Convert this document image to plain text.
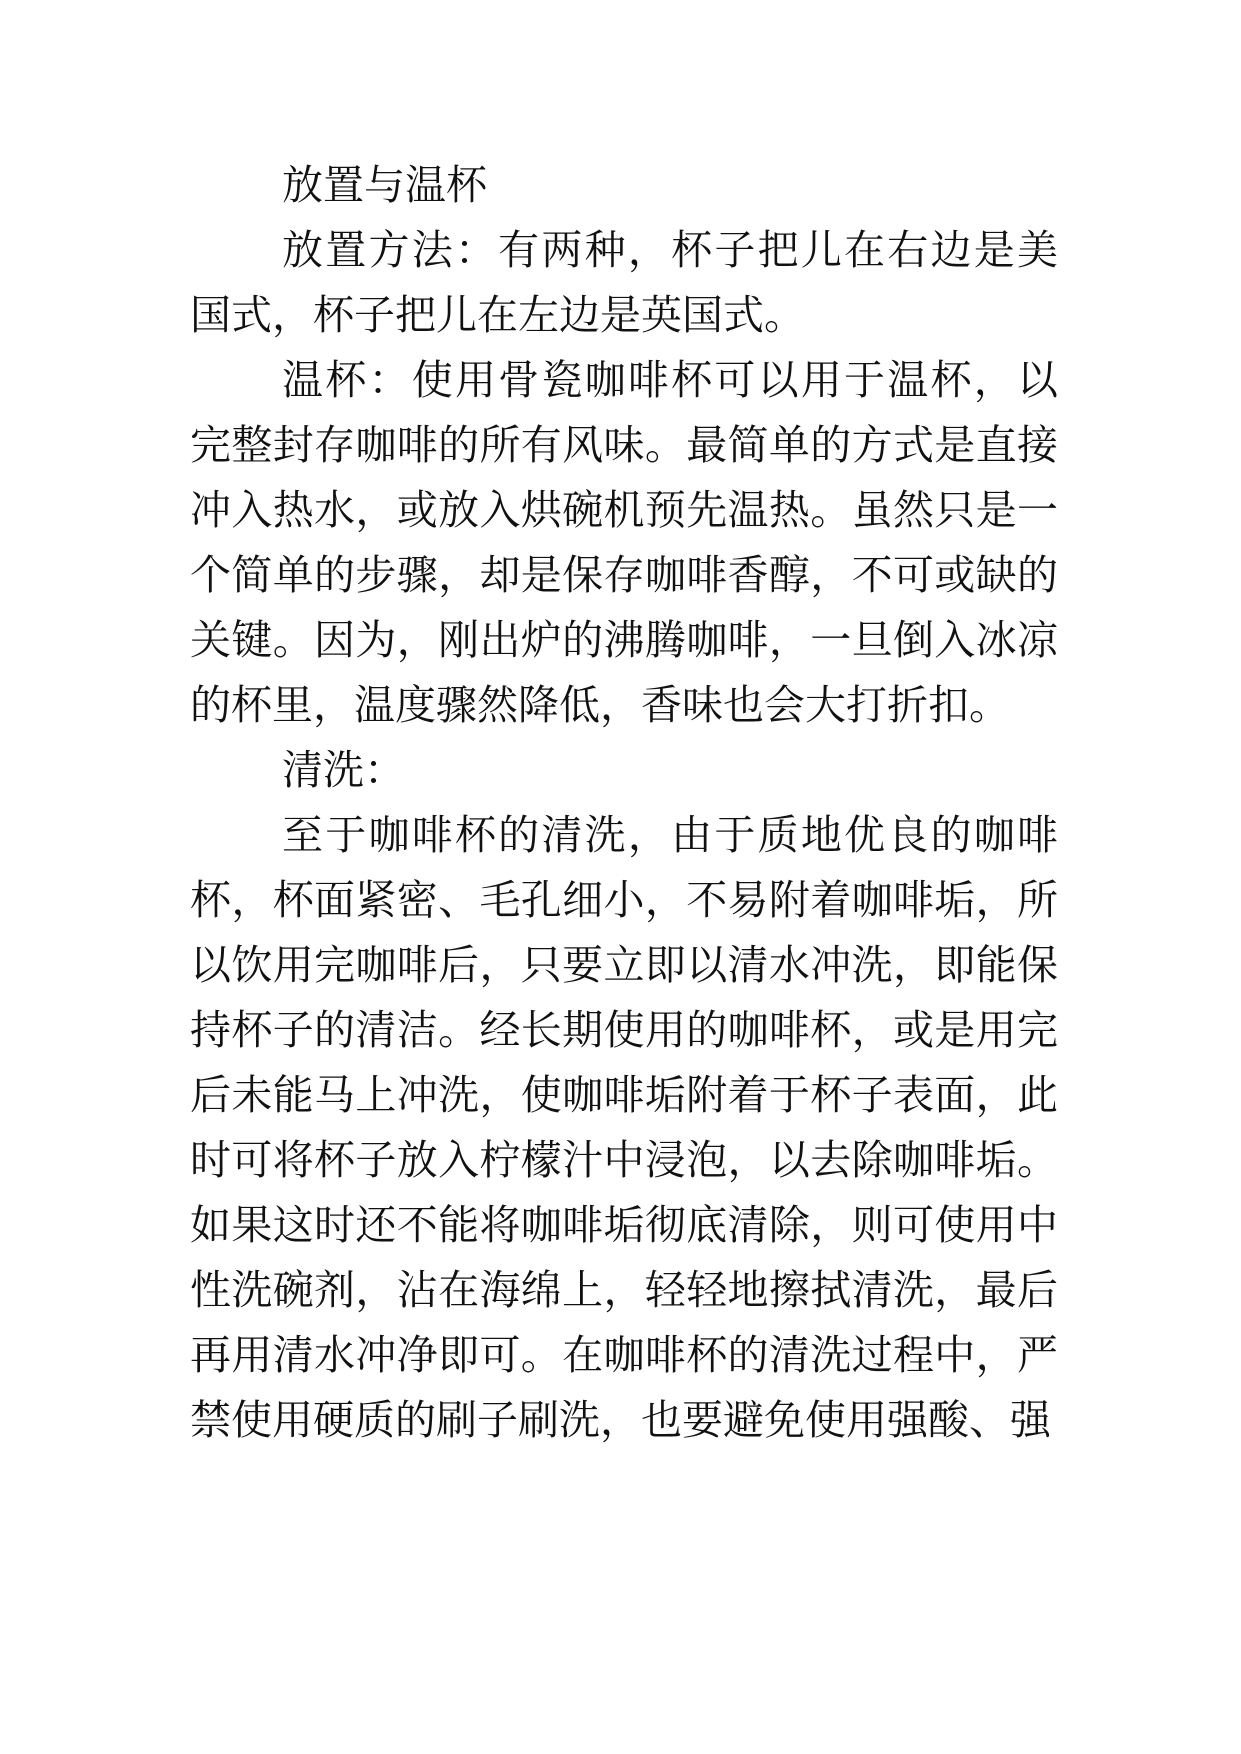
放置与温杯

放置方法：有两种，杯子把儿在右边是美国式，杯子把儿在左边是英国式。

温杯：使用骨瓷咖啡杯可以用于温杯，以完整封存咖啡的所有风味。最简单的方式是直接冲入热水，或放入烘碗机预先温热。虽然只是一个简单的步骤，却是保存咖啡香醇，不可或缺的关键。因为，刚出炉的沸腾咖啡，一旦倒入冰凉的杯里，温度骤然降低，香味也会大打折扣。

清洗：

至于咖啡杯的清洗，由于质地优良的咖啡杯，杯面紧密、毛孔细小，不易附着咖啡垢，所以饮用完咖啡后，只要立即以清水冲洗，即能保持杯子的清洁。经长期使用的咖啡杯，或是用完后未能马上冲洗，使咖啡垢附着于杯子表面，此时可将杯子放入柠檬汁中浸泡，以去除咖啡垢。如果这时还不能将咖啡垢彻底清除，则可使用中性洗碗剂，沾在海绵上，轻轻地擦拭清洗，最后再用清水冲净即可。在咖啡杯的清洗过程中，严禁使用硬质的刷子刷洗，也要避免使用强酸、强
